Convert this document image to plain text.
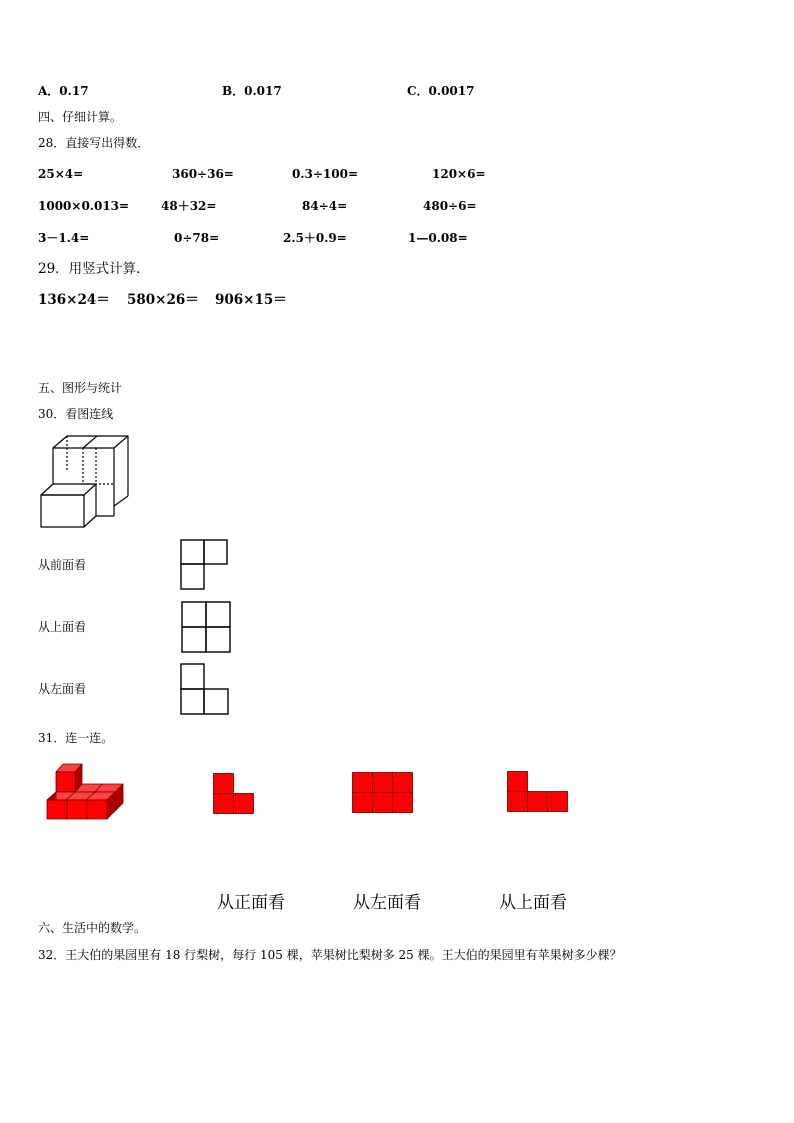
A．0.17	B．0.017	C．0.0017
四、仔细计算。
28．直接写出得数．
25×4=	360÷36=	0.3÷100=	120×6=
1000×0.013=	48＋32=	84÷4=	480÷6=
3－1.4=	0÷78=	2.5＋0.9=	1—0.08=
29．用竖式计算．
136×24＝ 580×26＝ 906×15＝
五、图形与统计
30．看图连线
从前面看
从上面看
从左面看
31．连一连。
从正面看	从左面看	从上面看
六、生活中的数学。
32．王大伯的果园里有 18 行梨树，每行 105 棵，苹果树比梨树多 25 棵。王大伯的果园里有苹果树多少棵？
